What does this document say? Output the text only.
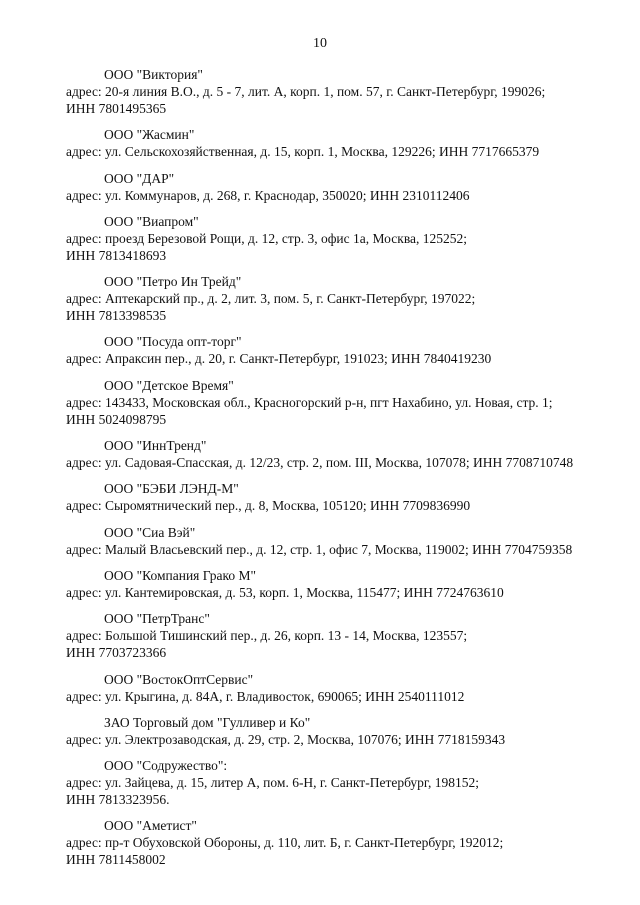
10
ООО "Виктория"
адрес: 20-я линия В.О., д. 5 - 7, лит. А, корп. 1, пом. 57, г. Санкт-Петербург, 199026;
ИНН 7801495365
ООО "Жасмин"
адрес: ул. Сельскохозяйственная, д. 15, корп. 1, Москва, 129226; ИНН 7717665379
ООО "ДАР"
адрес: ул. Коммунаров, д. 268, г. Краснодар, 350020; ИНН 2310112406
ООО "Виапром"
адрес: проезд Березовой Рощи, д. 12, стр. 3, офис 1а, Москва, 125252;
ИНН 7813418693
ООО "Петро Ин Трейд"
адрес: Аптекарский пр., д. 2, лит. 3, пом. 5, г. Санкт-Петербург, 197022;
ИНН 7813398535
ООО "Посуда опт-торг"
адрес: Апраксин пер., д. 20, г. Санкт-Петербург, 191023; ИНН 7840419230
ООО "Детское Время"
адрес: 143433, Московская обл., Красногорский р-н, пгт Нахабино, ул. Новая, стр. 1;
ИНН 5024098795
ООО "ИннТренд"
адрес: ул. Садовая-Спасская, д. 12/23, стр. 2, пом. III, Москва, 107078; ИНН 7708710748
ООО "БЭБИ ЛЭНД-М"
адрес: Сыромятнический пер., д. 8, Москва, 105120; ИНН 7709836990
ООО "Сиа Вэй"
адрес: Малый Власьевский пер., д. 12, стр. 1, офис 7, Москва, 119002; ИНН 7704759358
ООО "Компания Грако М"
адрес: ул. Кантемировская, д. 53, корп. 1, Москва, 115477; ИНН 7724763610
ООО "ПетрТранс"
адрес: Большой Тишинский пер., д. 26, корп. 13 - 14, Москва, 123557;
ИНН 7703723366
ООО "ВостокОптСервис"
адрес: ул. Крыгина, д. 84А, г. Владивосток, 690065; ИНН 2540111012
ЗАО Торговый дом "Гулливер и Ко"
адрес: ул. Электрозаводская, д. 29, стр. 2, Москва, 107076; ИНН 7718159343
ООО "Содружество":
адрес: ул. Зайцева, д. 15, литер А, пом. 6-Н, г. Санкт-Петербург, 198152;
ИНН 7813323956.
ООО "Аметист"
адрес: пр-т Обуховской Обороны, д. 110, лит. Б, г. Санкт-Петербург, 192012;
ИНН 7811458002
